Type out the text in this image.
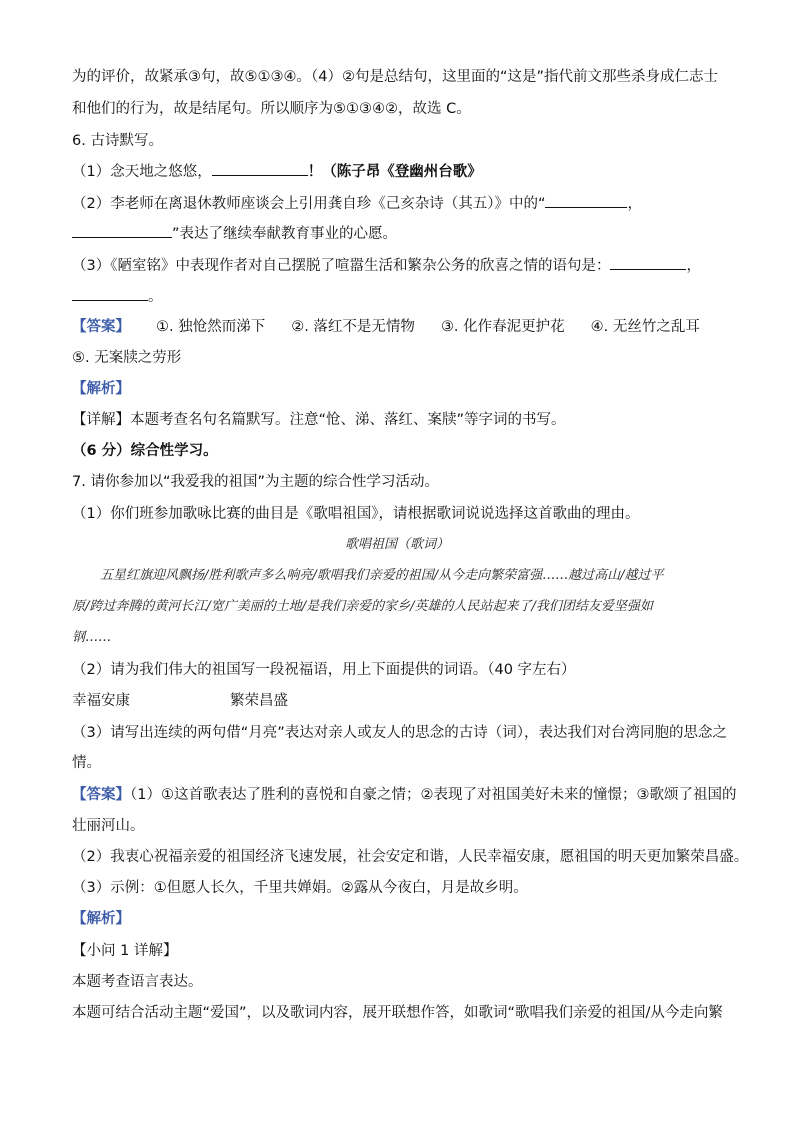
为的评价，故紧承③句，故⑤①③④。（4）②句是总结句，这里面的“这是”指代前文那些杀身成仁志士
和他们的行为，故是结尾句。所以顺序为⑤①③④②，故选 C。
6. 古诗默写。
（1）念天地之悠悠，	！（陈子昂《登幽州台歌》
（2）李老师在离退休教师座谈会上引用龚自珍《己亥杂诗（其五）》中的“	，
”表达了继续奉献教育事业的心愿。
（3）《陋室铭》中表现作者对自己摆脱了喧嚣生活和繁杂公务的欣喜之情的语句是：	，
。
【答案】 ①. 独怆然而涕下 ②. 落红不是无情物 ③. 化作春泥更护花 ④. 无丝竹之乱耳
⑤. 无案牍之劳形
【解析】
【详解】本题考查名句名篇默写。注意“怆、涕、落红、案牍”等字词的书写。
（6 分）综合性学习。
7. 请你参加以“我爱我的祖国”为主题的综合性学习活动。
（1）你们班参加歌咏比赛的曲目是《歌唱祖国》，请根据歌词说说选择这首歌曲的理由。
歌唱祖国（歌词）
五星红旗迎风飘扬/胜利歌声多么响亮/歌唱我们亲爱的祖国/从今走向繁荣富强……越过高山/越过平
原/跨过奔腾的黄河长江/宽广美丽的土地/是我们亲爱的家乡/英雄的人民站起来了/我们团结友爱坚强如
钢……
（2）请为我们伟大的祖国写一段祝福语，用上下面提供的词语。（40 字左右）
幸福安康	繁荣昌盛
（3）请写出连续的两句借“月亮”表达对亲人或友人的思念的古诗（词），表达我们对台湾同胞的思念之
情。
【答案】（1）①这首歌表达了胜利的喜悦和自豪之情；②表现了对祖国美好未来的憧憬；③歌颂了祖国的
壮丽河山。
（2）我衷心祝福亲爱的祖国经济飞速发展，社会安定和谐，人民幸福安康，愿祖国的明天更加繁荣昌盛。
（3）示例：①但愿人长久，千里共婵娟。②露从今夜白，月是故乡明。
【解析】
【小问 1 详解】
本题考查语言表达。
本题可结合活动主题“爱国”，以及歌词内容，展开联想作答，如歌词“歌唱我们亲爱的祖国/从今走向繁
